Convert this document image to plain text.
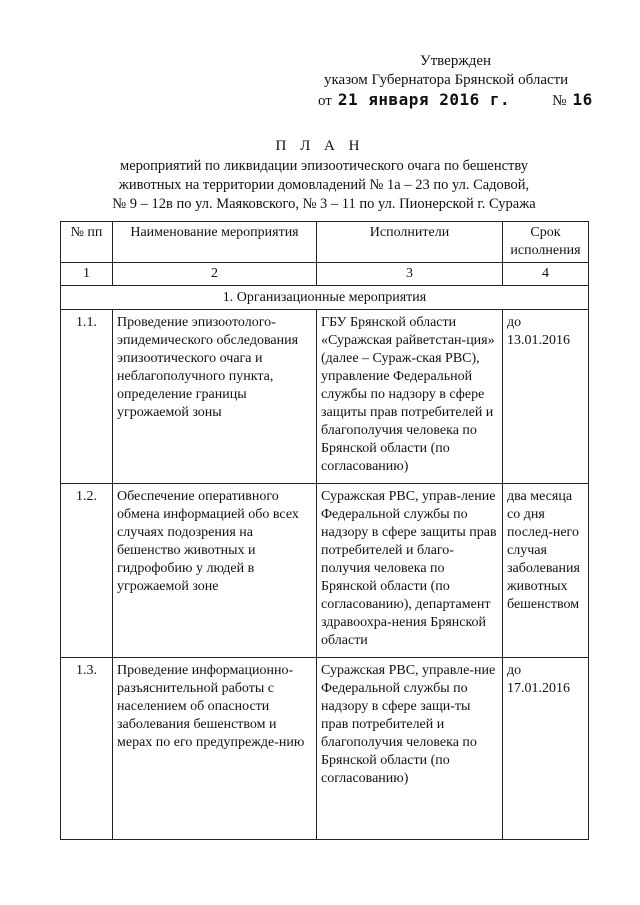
Утвержден
указом Губернатора Брянской области
от 21 января 2016 г.	№ 16
П Л А Н
мероприятий по ликвидации эпизоотического очага по бешенству
животных на территории домовладений № 1а – 23 по ул. Садовой,
№ 9 – 12в по ул. Маяковского, № 3 – 11 по ул. Пионерской г. Суража
№ пп	Наименование мероприятия	Исполнители	Срок исполнения
1	2	3	4
1. Организационные мероприятия			
1.1.	Проведение эпизоотолого-эпидемического обследования эпизоотического очага и неблагополучного пункта, определение границы угрожаемой зоны	ГБУ Брянской области «Суражская райветстан-ция» (далее – Сураж-ская РВС), управление Федеральной службы по надзору в сфере защиты прав потребителей и благополучия человека по Брянской области (по согласованию)	до 13.01.2016
1.2.	Обеспечение оперативного обмена информацией обо всех случаях подозрения на бешенство животных и гидрофобию у людей в угрожаемой зоне	Суражская РВС, управ-ление Федеральной службы по надзору в сфере защиты прав потребителей и благо-получия человека по Брянской области (по согласованию), департамент здравоохра-нения Брянской области	два месяца со дня послед-него случая заболевания животных бешенством
1.3.	Проведение информационно-разъяснительной работы с населением об опасности заболевания бешенством и мерах по его предупрежде-нию	Суражская РВС, управле-ние Федеральной службы по надзору в сфере защи-ты прав потребителей и благополучия человека по Брянской области (по согласованию)	до 17.01.2016
